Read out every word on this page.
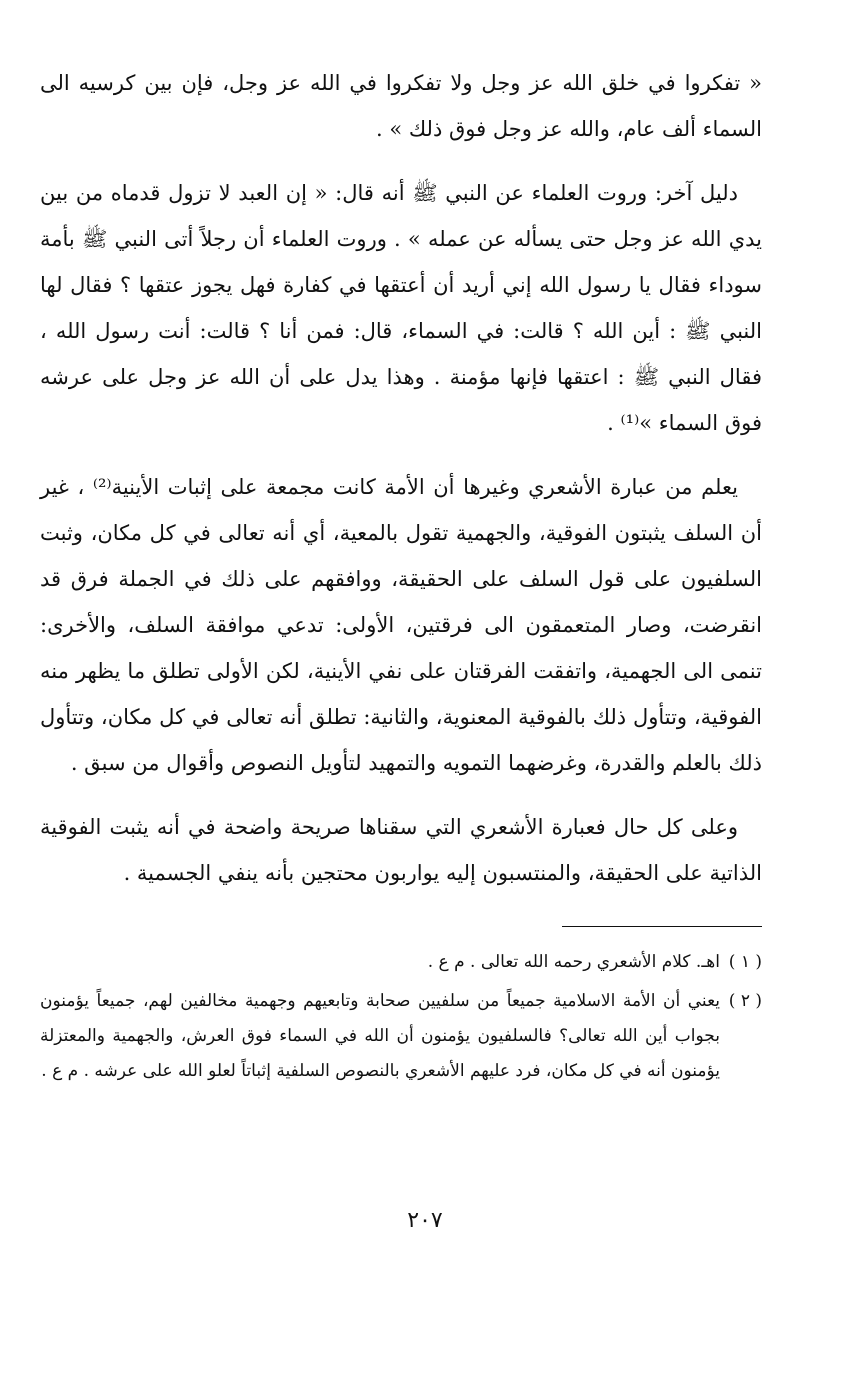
« تفكروا في خلق الله عز وجل ولا تفكروا في الله عز وجل، فإن بين كرسيه الى السماء ألف عام، والله عز وجل فوق ذلك » .

دليل آخر: وروت العلماء عن النبي ﷺ أنه قال: « إن العبد لا تزول قدماه من بين يدي الله عز وجل حتى يسأله عن عمله » . وروت العلماء أن رجلاً أتى النبي ﷺ بأمة سوداء فقال يا رسول الله إني أريد أن أعتقها في كفارة فهل يجوز عتقها ؟ فقال لها النبي ﷺ : أين الله ؟ قالت: في السماء، قال: فمن أنا ؟ قالت: أنت رسول الله ، فقال النبي ﷺ : اعتقها فإنها مؤمنة . وهذا يدل على أن الله عز وجل على عرشه فوق السماء »⁽¹⁾ .

يعلم من عبارة الأشعري وغيرها أن الأمة كانت مجمعة على إثبات الأينية⁽²⁾ ، غير أن السلف يثبتون الفوقية، والجهمية تقول بالمعية، أي أنه تعالى في كل مكان، وثبت السلفيون على قول السلف على الحقيقة، ووافقهم على ذلك في الجملة فرق قد انقرضت، وصار المتعمقون الى فرقتين، الأولى: تدعي موافقة السلف، والأخرى: تنمى الى الجهمية، واتفقت الفرقتان على نفي الأينية، لكن الأولى تطلق ما يظهر منه الفوقية، وتتأول ذلك بالفوقية المعنوية، والثانية: تطلق أنه تعالى في كل مكان، وتتأول ذلك بالعلم والقدرة، وغرضهما التمويه والتمهيد لتأويل النصوص وأقوال من سبق .

وعلى كل حال فعبارة الأشعري التي سقناها صريحة واضحة في أنه يثبت الفوقية الذاتية على الحقيقة، والمنتسبون إليه يواربون محتجين بأنه ينفي الجسمية .

( ١ )
اهـ. كلام الأشعري رحمه الله تعالى . م ع .
( ٢ )
يعني أن الأمة الاسلامية جميعاً من سلفيين صحابة وتابعيهم وجهمية مخالفين لهم، جميعاً يؤمنون بجواب أين الله تعالى؟ فالسلفيون يؤمنون أن الله في السماء فوق العرش، والجهمية والمعتزلة يؤمنون أنه في كل مكان، فرد عليهم الأشعري بالنصوص السلفية إثباتاً لعلو الله على عرشه . م ع .
٢٠٧
